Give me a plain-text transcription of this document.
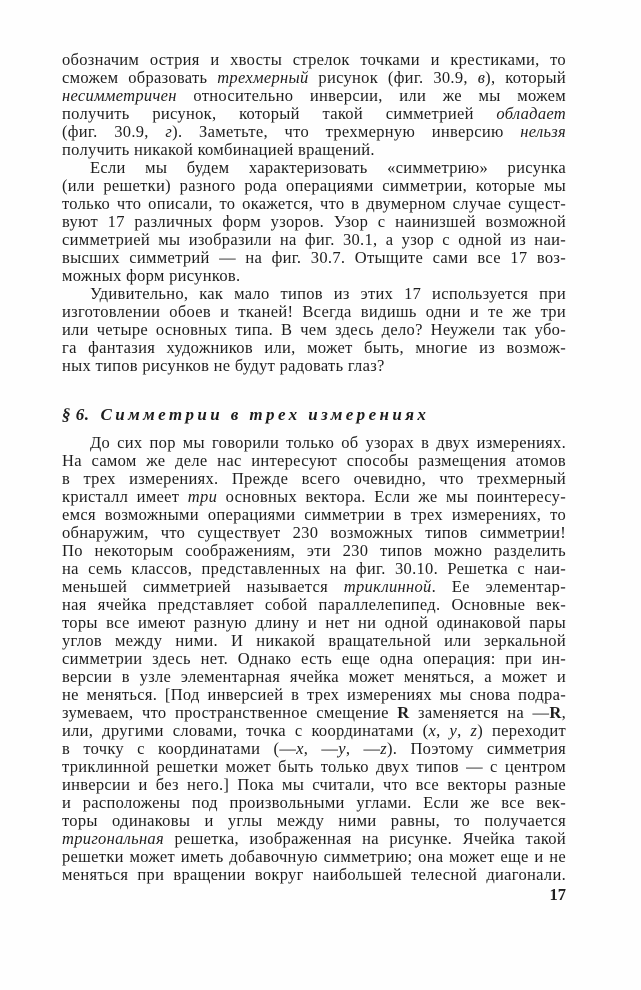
обозначим острия и хвосты стрелок точками и крестиками, то
сможем образовать трехмерный рисунок (фиг. 30.9, в), который
несимметричен относительно инверсии, или же мы можем
получить рисунок, который такой симметрией обладает
(фиг. 30.9, г). Заметьте, что трехмерную инверсию нельзя
получить никакой комбинацией вращений.
Если мы будем характеризовать «симметрию» рисунка
(или решетки) разного рода операциями симметрии, которые мы
только что описали, то окажется, что в двумерном случае сущест-
вуют 17 различных форм узоров. Узор с наинизшей возможной
симметрией мы изобразили на фиг. 30.1, а узор с одной из наи-
высших симметрий — на фиг. 30.7. Отыщите сами все 17 воз-
можных форм рисунков.
Удивительно, как мало типов из этих 17 используется при
изготовлении обоев и тканей! Всегда видишь одни и те же три
или четыре основных типа. В чем здесь дело? Неужели так убо-
га фантазия художников или, может быть, многие из возмож-
ных типов рисунков не будут радовать глаз?
§ 6. Симметрии в трех измерениях
До сих пор мы говорили только об узорах в двух измерениях.
На самом же деле нас интересуют способы размещения атомов
в трех измерениях. Прежде всего очевидно, что трехмерный
кристалл имеет три основных вектора. Если же мы поинтересу-
емся возможными операциями симметрии в трех измерениях, то
обнаружим, что существует 230 возможных типов симметрии!
По некоторым соображениям, эти 230 типов можно разделить
на семь классов, представленных на фиг. 30.10. Решетка с наи-
меньшей симметрией называется триклинной. Ее элементар-
ная ячейка представляет собой параллелепипед. Основные век-
торы все имеют разную длину и нет ни одной одинаковой пары
углов между ними. И никакой вращательной или зеркальной
симметрии здесь нет. Однако есть еще одна операция: при ин-
версии в узле элементарная ячейка может меняться, а может и
не меняться. [Под инверсией в трех измерениях мы снова подра-
зумеваем, что пространственное смещение R заменяется на —R,
или, другими словами, точка с координатами (x, y, z) переходит
в точку с координатами (—x, —y, —z). Поэтому симметрия
триклинной решетки может быть только двух типов — с центром
инверсии и без него.] Пока мы считали, что все векторы разные
и расположены под произвольными углами. Если же все век-
торы одинаковы и углы между ними равны, то получается
тригональная решетка, изображенная на рисунке. Ячейка такой
решетки может иметь добавочную симметрию; она может еще и не
меняться при вращении вокруг наибольшей телесной диагонали.
17
